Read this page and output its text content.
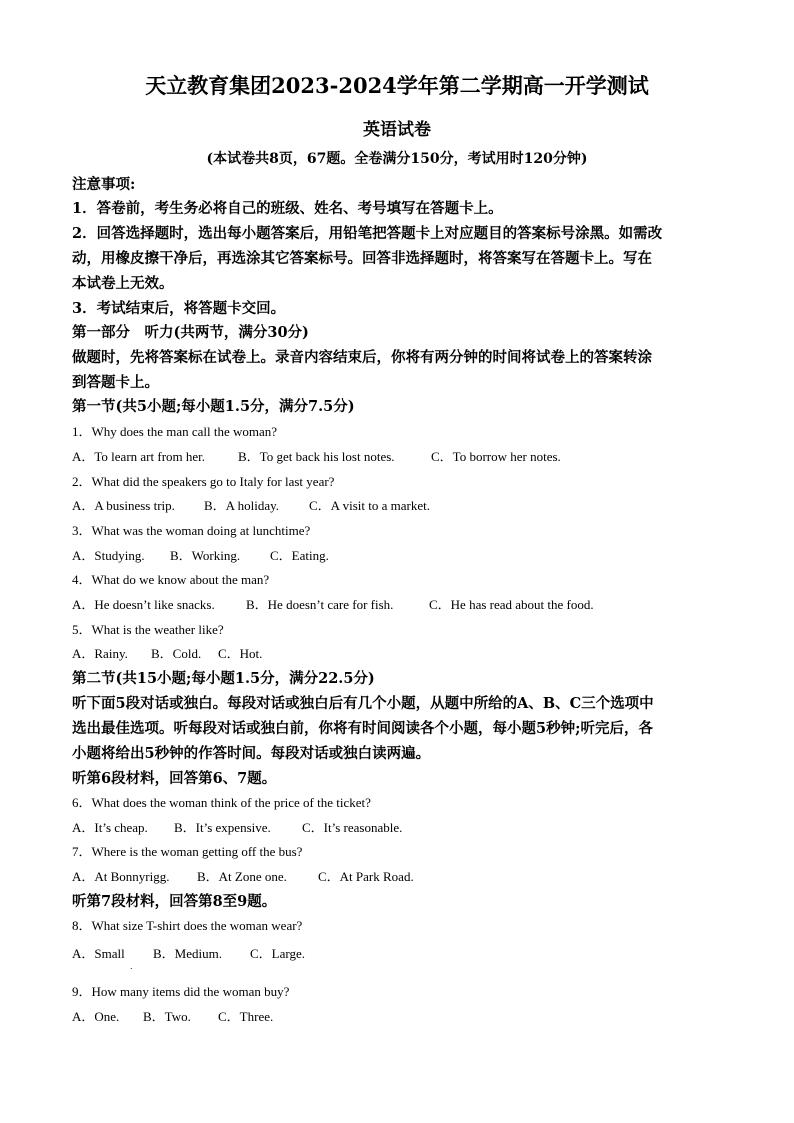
天立教育集团2023-2024学年第二学期高一开学测试
英语试卷
(本试卷共8页，67题。全卷满分150分，考试用时120分钟)
注意事项:
1．答卷前，考生务必将自己的班级、姓名、考号填写在答题卡上。
2．回答选择题时，选出每小题答案后，用铅笔把答题卡上对应题目的答案标号涂黑。如需改
动，用橡皮擦干净后，再选涂其它答案标号。回答非选择题时，将答案写在答题卡上。写在
本试卷上无效。
3．考试结束后，将答题卡交回。
第一部分　听力(共两节，满分30分)
做题时，先将答案标在试卷上。录音内容结束后，你将有两分钟的时间将试卷上的答案转涂
到答题卡上。
第一节(共5小题;每小题1.5分，满分7.5分)
1．Why does the man call the woman?
A．To learn art from her.	B．To get back his lost notes.	C．To borrow her notes.
2．What did the speakers go to Italy for last year?
A．A business trip. B．A holiday. C．A visit to a market.
3．What was the woman doing at lunchtime?
A．Studying. B．Working. C．Eating.
4．What do we know about the man?
A．He doesn’t like snacks. B．He doesn’t care for fish.	C．He has read about the food.
5．What is the weather like?
A．Rainy. B．Cold. C．Hot.
第二节(共15小题;每小题1.5分，满分22.5分)
听下面5段对话或独白。每段对话或独白后有几个小题，从题中所给的A、B、C三个选项中
选出最佳选项。听每段对话或独白前，你将有时间阅读各个小题，每小题5秒钟;听完后，各
小题将给出5秒钟的作答时间。每段对话或独白读两遍。
听第6段材料，回答第6、7题。
6．What does the woman think of the price of the ticket?
A．It’s cheap. B．It’s expensive. C．It’s reasonable.
7．Where is the woman getting off the bus?
A．At Bonnyrigg. B．At Zone one. C．At Park Road.
听第7段材料，回答第8至9题。
8．What size T-shirt does the woman wear?
A．Small B．Medium. C．Large.
.
9．How many items did the woman buy?
A．One. B．Two. C．Three.
